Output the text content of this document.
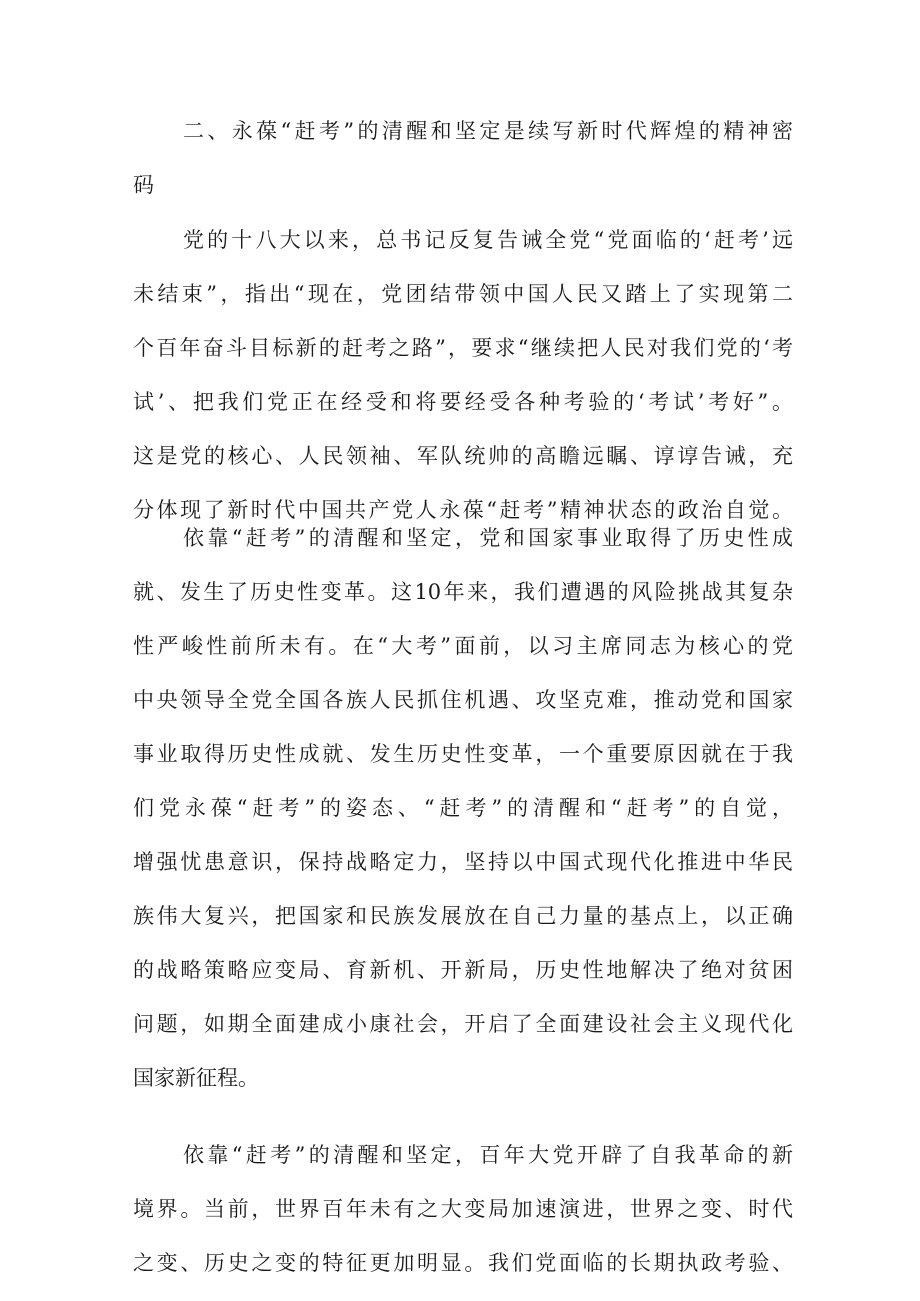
二、永葆“赶考”的清醒和坚定是续写新时代辉煌的精神密
码
党的十八大以来，总书记反复告诫全党“党面临的‘赶考’远
未结束”，指出“现在，党团结带领中国人民又踏上了实现第二
个百年奋斗目标新的赶考之路”，要求“继续把人民对我们党的‘考
试’、把我们党正在经受和将要经受各种考验的‘考试’考好”。
这是党的核心、人民领袖、军队统帅的高瞻远瞩、谆谆告诫，充
分体现了新时代中国共产党人永葆“赶考”精神状态的政治自觉。
依靠“赶考”的清醒和坚定，党和国家事业取得了历史性成
就、发生了历史性变革。这10年来，我们遭遇的风险挑战其复杂
性严峻性前所未有。在“大考”面前，以习主席同志为核心的党
中央领导全党全国各族人民抓住机遇、攻坚克难，推动党和国家
事业取得历史性成就、发生历史性变革，一个重要原因就在于我
们党永葆“赶考”的姿态、“赶考”的清醒和“赶考”的自觉，
增强忧患意识，保持战略定力，坚持以中国式现代化推进中华民
族伟大复兴，把国家和民族发展放在自己力量的基点上，以正确
的战略策略应变局、育新机、开新局，历史性地解决了绝对贫困
问题，如期全面建成小康社会，开启了全面建设社会主义现代化
国家新征程。
依靠“赶考”的清醒和坚定，百年大党开辟了自我革命的新
境界。当前，世界百年未有之大变局加速演进，世界之变、时代
之变、历史之变的特征更加明显。我们党面临的长期执政考验、
